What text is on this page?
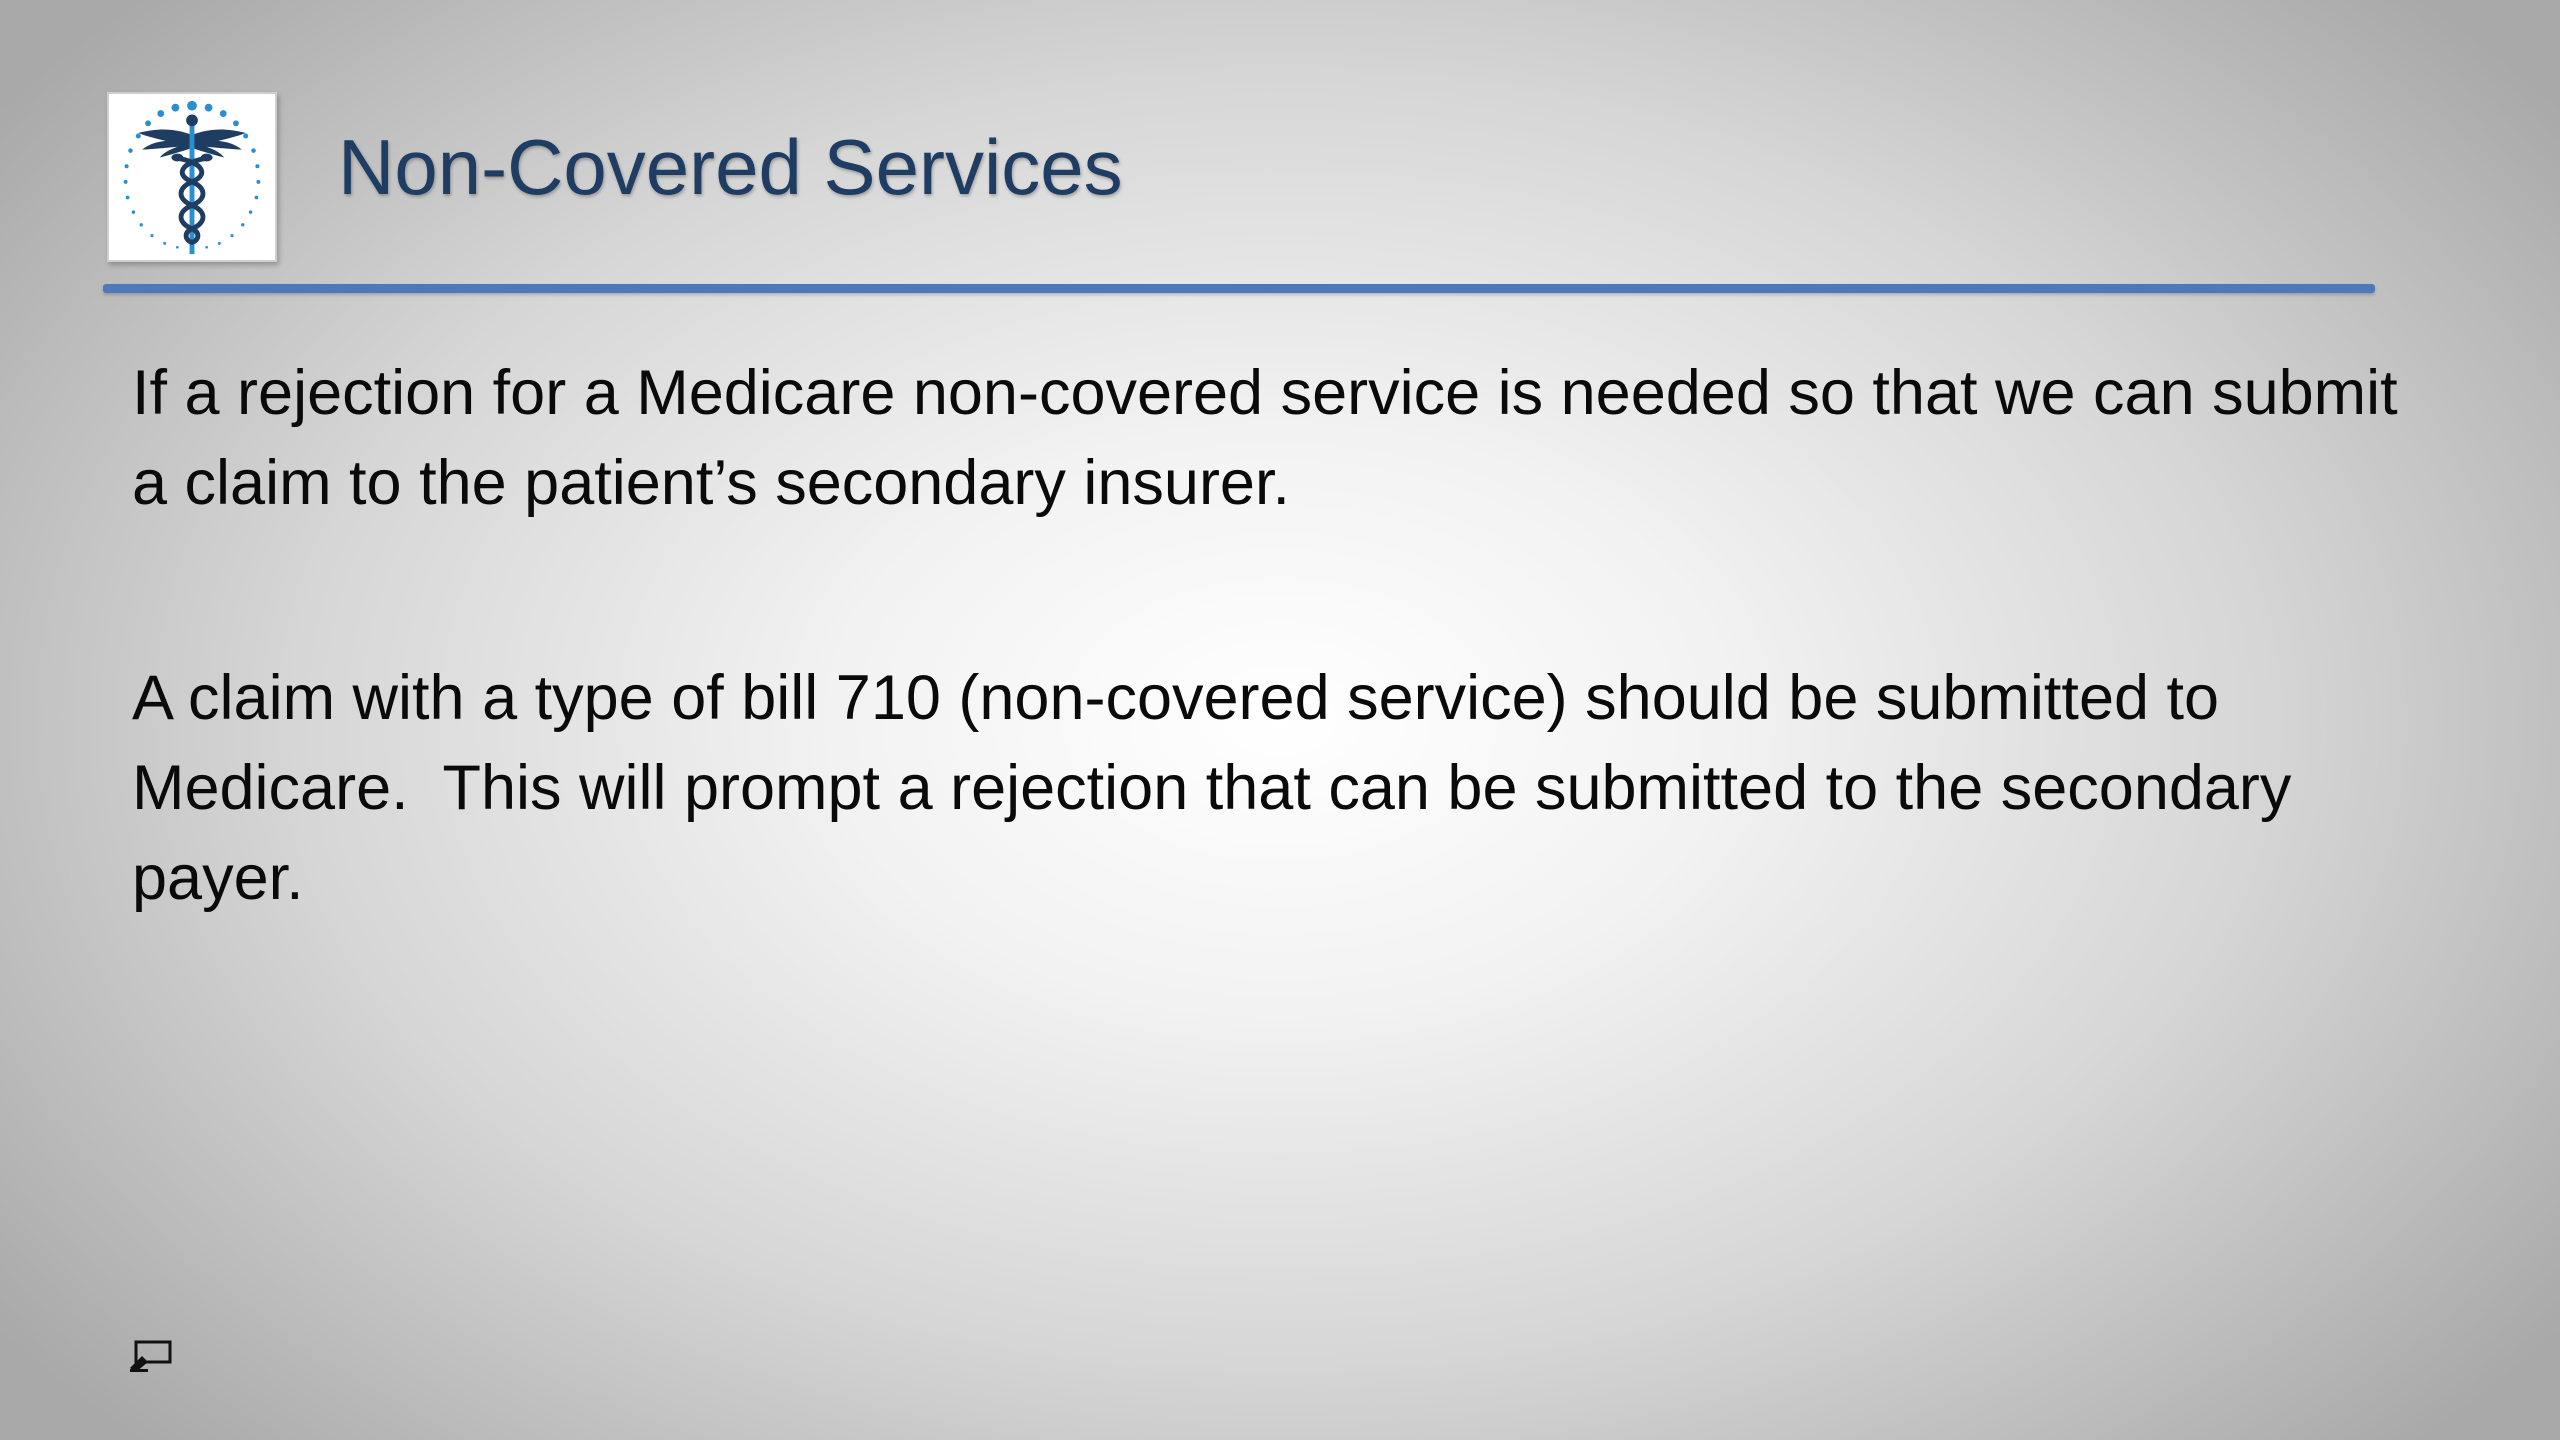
Non-Covered Services

If a rejection for a Medicare non-covered service is needed so that we can submit a claim to the patient’s secondary insurer.

A claim with a type of bill 710 (non-covered service) should be submitted to Medicare.  This will prompt a rejection that can be submitted to the secondary payer.
